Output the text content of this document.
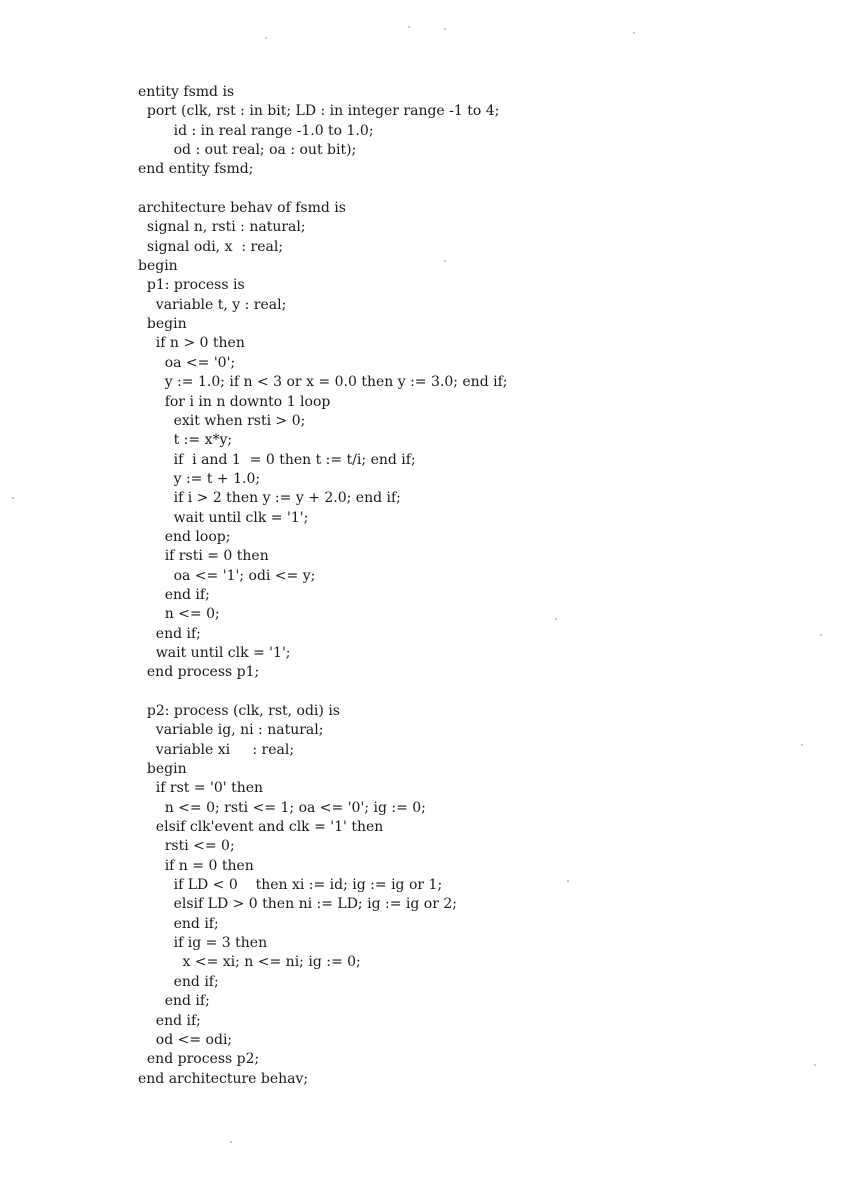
entity fsmd is
port (clk, rst : in bit; LD : in integer range -1 to 4;
id : in real range -1.0 to 1.0;
od : out real; oa : out bit);
end entity fsmd;

architecture behav of fsmd is
signal n, rsti : natural;
signal odi, x  : real;
begin
p1: process is
variable t, y : real;
begin
if n > 0 then
oa <= '0';
y := 1.0; if n < 3 or x = 0.0 then y := 3.0; end if;
for i in n downto 1 loop
exit when rsti > 0;
t := x*y;
if  i and 1  = 0 then t := t/i; end if;
y := t + 1.0;
if i > 2 then y := y + 2.0; end if;
wait until clk = '1';
end loop;
if rsti = 0 then
oa <= '1'; odi <= y;
end if;
n <= 0;
end if;
wait until clk = '1';
end process p1;

p2: process (clk, rst, odi) is
variable ig, ni : natural;
variable xi     : real;
begin
if rst = '0' then
n <= 0; rsti <= 1; oa <= '0'; ig := 0;
elsif clk'event and clk = '1' then
rsti <= 0;
if n = 0 then
if LD < 0    then xi := id; ig := ig or 1;
elsif LD > 0 then ni := LD; ig := ig or 2;
end if;
if ig = 3 then
x <= xi; n <= ni; ig := 0;
end if;
end if;
end if;
od <= odi;
end process p2;
end architecture behav;
